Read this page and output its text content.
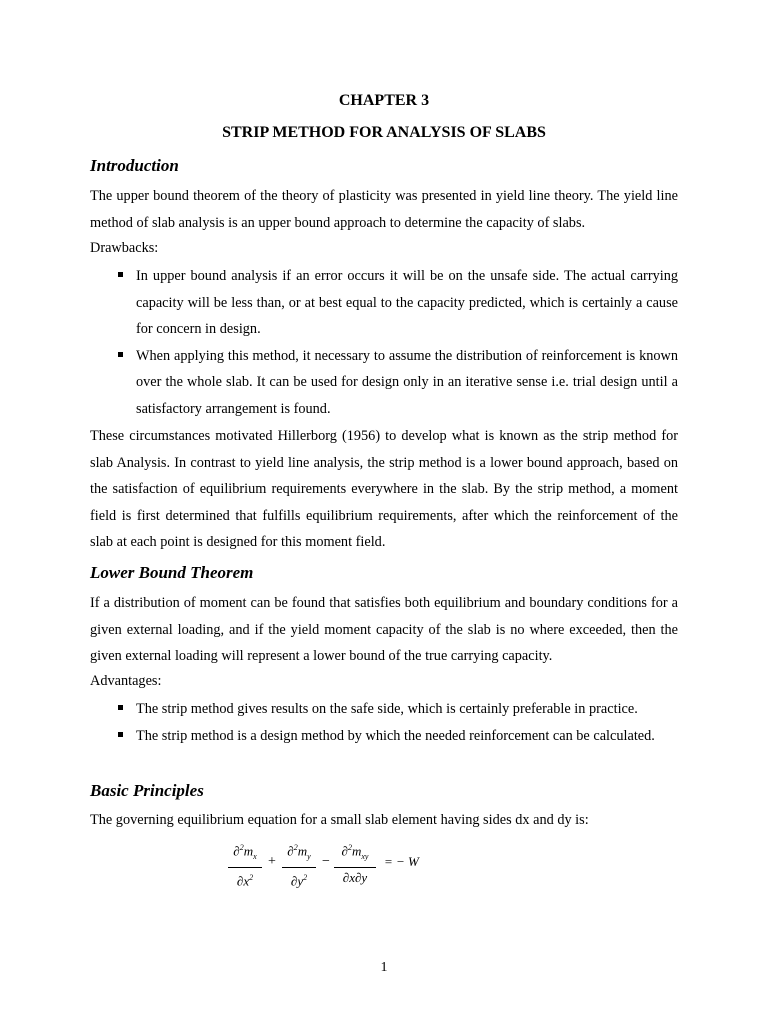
CHAPTER 3
STRIP METHOD FOR ANALYSIS OF SLABS
Introduction

The upper bound theorem of the theory of plasticity was presented in yield line theory. The yield line method of slab analysis is an upper bound approach to determine the capacity of slabs.

Drawbacks:
In upper bound analysis if an error occurs it will be on the unsafe side. The actual carrying capacity will be less than, or at best equal to the capacity predicted, which is certainly a cause for concern in design.
When applying this method, it necessary to assume the distribution of reinforcement is known over the whole slab. It can be used for design only in an iterative sense i.e. trial design until a satisfactory arrangement is found.

These circumstances motivated Hillerborg (1956) to develop what is known as the strip method for slab Analysis. In contrast to yield line analysis, the strip method is a lower bound approach, based on the satisfaction of equilibrium requirements everywhere in the slab. By the strip method, a moment field is first determined that fulfills equilibrium requirements, after which the reinforcement of the slab at each point is designed for this moment field.

Lower Bound Theorem

If a distribution of moment can be found that satisfies both equilibrium and boundary conditions for a given external loading, and if the yield moment capacity of the slab is no where exceeded, then the given external loading will represent a lower bound of the true carrying capacity.

Advantages:
The strip method gives results on the safe side, which is certainly preferable in practice.
The strip method is a design method by which the needed reinforcement can be calculated.
Basic Principles
The governing equilibrium equation for a small slab element having sides dx and dy is:
$\partial^2m_x$
$\partial x^2$
+
$\partial^2m_y$
$\partial y^2$
−
$\partial^2m_{xy}$
∂x∂y
= − W
1
